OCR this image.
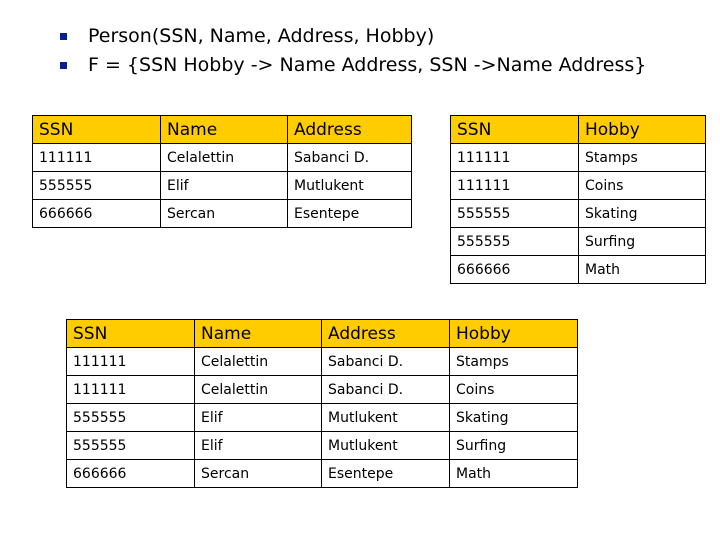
Person(SSN, Name, Address, Hobby)
F = {SSN Hobby -> Name Address, SSN ->Name Address}
SSN	Name	Address
111111	Celalettin	Sabanci D.
555555	Elif	Mutlukent
666666	Sercan	Esentepe
SSN	Hobby
111111	Stamps
111111	Coins
555555	Skating
555555	Surfing
666666	Math
SSN	Name	Address	Hobby
111111	Celalettin	Sabanci D.	Stamps
111111	Celalettin	Sabanci D.	Coins
555555	Elif	Mutlukent	Skating
555555	Elif	Mutlukent	Surfing
666666	Sercan	Esentepe	Math
